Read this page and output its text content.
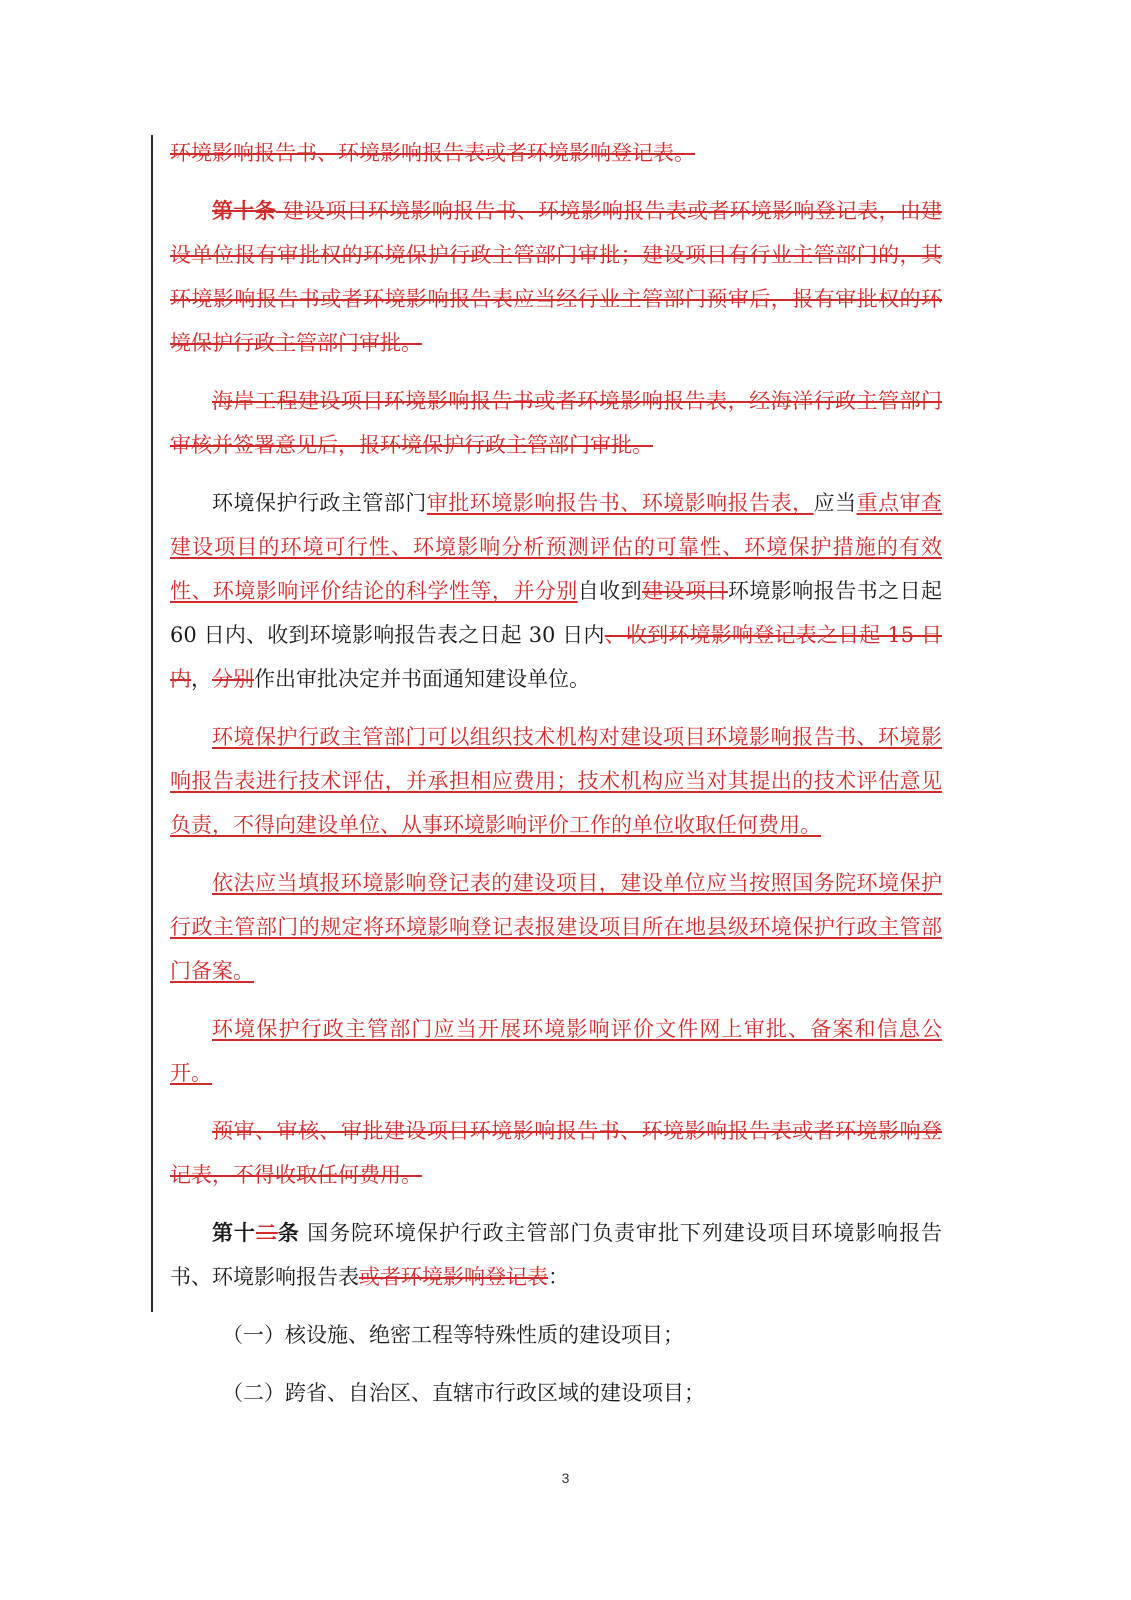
环境影响报告书、环境影响报告表或者环境影响登记表。

第十条 建设项目环境影响报告书、环境影响报告表或者环境影响登记表，由建设单位报有审批权的环境保护行政主管部门审批；建设项目有行业主管部门的，其环境影响报告书或者环境影响报告表应当经行业主管部门预审后，报有审批权的环境保护行政主管部门审批。

海岸工程建设项目环境影响报告书或者环境影响报告表，经海洋行政主管部门审核并签署意见后，报环境保护行政主管部门审批。

环境保护行政主管部门审批环境影响报告书、环境影响报告表，应当重点审查建设项目的环境可行性、环境影响分析预测评估的可靠性、环境保护措施的有效性、环境影响评价结论的科学性等，并分别自收到建设项目环境影响报告书之日起 60 日内、收到环境影响报告表之日起 30 日内、收到环境影响登记表之日起 15 日内，分别作出审批决定并书面通知建设单位。

环境保护行政主管部门可以组织技术机构对建设项目环境影响报告书、环境影响报告表进行技术评估，并承担相应费用；技术机构应当对其提出的技术评估意见负责，不得向建设单位、从事环境影响评价工作的单位收取任何费用。

依法应当填报环境影响登记表的建设项目，建设单位应当按照国务院环境保护行政主管部门的规定将环境影响登记表报建设项目所在地县级环境保护行政主管部门备案。

环境保护行政主管部门应当开展环境影响评价文件网上审批、备案和信息公开。

预审、审核、审批建设项目环境影响报告书、环境影响报告表或者环境影响登记表，不得收取任何费用。

第十二条 国务院环境保护行政主管部门负责审批下列建设项目环境影响报告书、环境影响报告表或者环境影响登记表：

（一）核设施、绝密工程等特殊性质的建设项目；

（二）跨省、自治区、直辖市行政区域的建设项目；

3
